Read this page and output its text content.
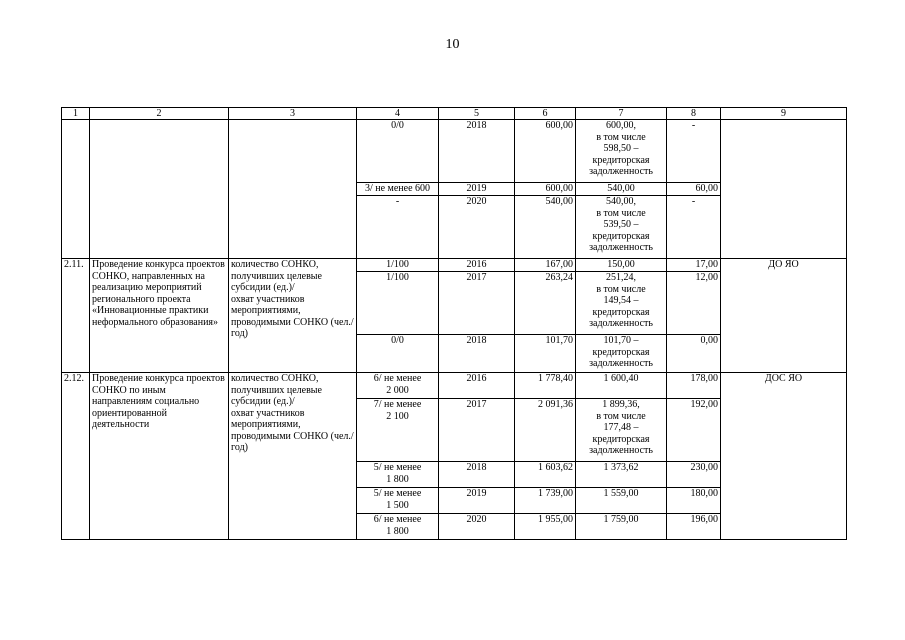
10
1	2	3	4	5	6	7	8	9
			0/0	2018	600,00	600,00,
в том числе
598,50 –
кредиторская
задолженность	-	
			3/ не менее 600	2019	600,00	540,00	60,00	
			-	2020	540,00	540,00,
в том числе
539,50 –
кредиторская
задолженность	-	
2.11.	Проведение конкурса проектов СОНКО, направленных на реализацию мероприятий регионального проекта «Инновационные практики неформального образования»	количество СОНКО, получивших целевые субсидии (ед.)/
охват участников мероприятиями, проводимыми СОНКО (чел./год)	1/100	2016	167,00	150,00	17,00	ДО ЯО
			1/100	2017	263,24	251,24,
в том числе
149,54 –
кредиторская
задолженность	12,00	
			0/0	2018	101,70	101,70 –
кредиторская
задолженность	0,00	
2.12.	Проведение конкурса проектов СОНКО по иным направлениям социально ориентированной деятельности	количество СОНКО, получивших целевые субсидии (ед.)/
охват участников мероприятиями, проводимыми СОНКО (чел./год)	6/ не менее
2 000	2016	1 778,40	1 600,40	178,00	ДОС ЯО
			7/ не менее
2 100	2017	2 091,36	1 899,36,
в том числе
177,48 –
кредиторская
задолженность	192,00	
			5/ не менее
1 800	2018	1 603,62	1 373,62	230,00	
			5/ не менее
1 500	2019	1 739,00	1 559,00	180,00	
			6/ не менее
1 800	2020	1 955,00	1 759,00	196,00	
